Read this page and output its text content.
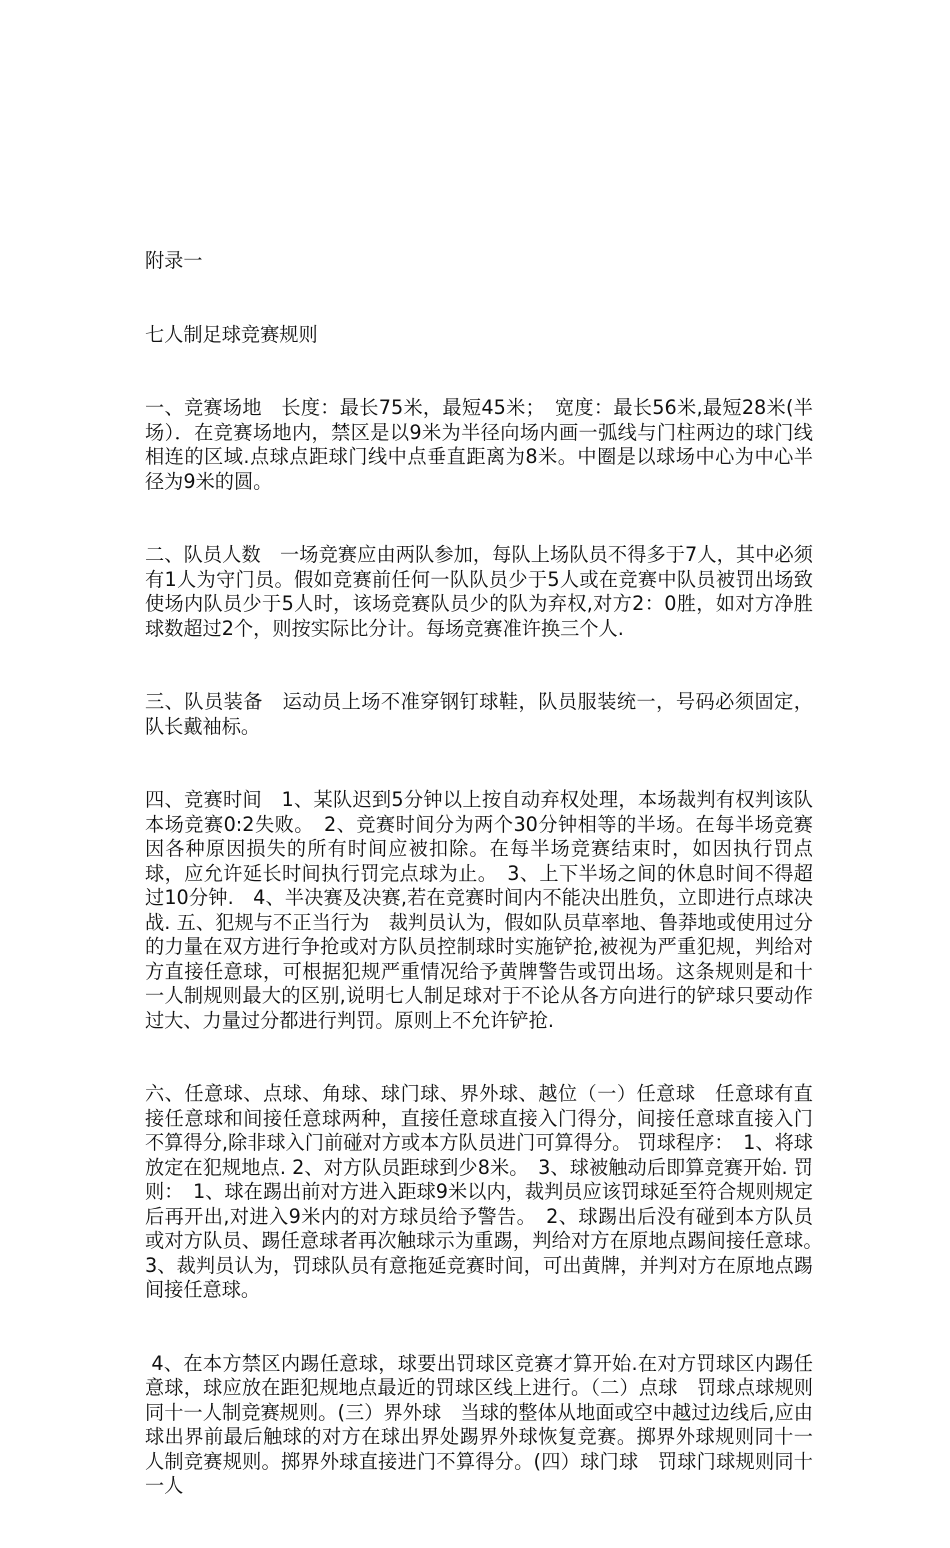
附录一

七人制足球竞赛规则

一、竞赛场地　长度：最长75米，最短45米；　宽度：最长56米,最短28米(半场）．在竞赛场地内，禁区是以9米为半径向场内画一弧线与门柱两边的球门线相连的区域.点球点距球门线中点垂直距离为8米。中圈是以球场中心为中心半径为9米的圆。

二、队员人数　一场竞赛应由两队参加，每队上场队员不得多于7人，其中必须有1人为守门员。假如竞赛前任何一队队员少于5人或在竞赛中队员被罚出场致使场内队员少于5人时，该场竞赛队员少的队为弃权,对方2：0胜，如对方净胜球数超过2个，则按实际比分计。每场竞赛准许换三个人.

三、队员装备　运动员上场不准穿钢钉球鞋，队员服装统一，号码必须固定，队长戴袖标。

四、竞赛时间　1、某队迟到5分钟以上按自动弃权处理，本场裁判有权判该队本场竞赛0:2失败。　2、竞赛时间分为两个30分钟相等的半场。在每半场竞赛因各种原因损失的所有时间应被扣除。在每半场竞赛结束时，如因执行罚点球，应允许延长时间执行罚完点球为止。　3、上下半场之间的休息时间不得超过10分钟.　4、半决赛及决赛,若在竞赛时间内不能决出胜负，立即进行点球决战. 五、犯规与不正当行为　裁判员认为，假如队员草率地、鲁莽地或使用过分的力量在双方进行争抢或对方队员控制球时实施铲抢,被视为严重犯规，判给对方直接任意球，可根据犯规严重情况给予黄牌警告或罚出场。这条规则是和十一人制规则最大的区别,说明七人制足球对于不论从各方向进行的铲球只要动作过大、力量过分都进行判罚。原则上不允许铲抢.

六、任意球、点球、角球、球门球、界外球、越位（一）任意球　任意球有直接任意球和间接任意球两种，直接任意球直接入门得分，间接任意球直接入门不算得分,除非球入门前碰对方或本方队员进门可算得分。 罚球程序：　1、将球放定在犯规地点. 2、对方队员距球到少8米。　3、球被触动后即算竞赛开始. 罚则：　1、球在踢出前对方进入距球9米以内，裁判员应该罚球延至符合规则规定后再开出,对进入9米内的对方球员给予警告。　2、球踢出后没有碰到本方队员或对方队员、踢任意球者再次触球示为重踢，判给对方在原地点踢间接任意球。　3、裁判员认为，罚球队员有意拖延竞赛时间，可出黄牌，并判对方在原地点踢间接任意球。

4、在本方禁区内踢任意球，球要出罚球区竞赛才算开始.在对方罚球区内踢任意球，球应放在距犯规地点最近的罚球区线上进行。（二）点球　罚球点球规则同十一人制竞赛规则。(三）界外球　当球的整体从地面或空中越过边线后,应由球出界前最后触球的对方在球出界处踢界外球恢复竞赛。掷界外球规则同十一人制竞赛规则。掷界外球直接进门不算得分。(四）球门球　罚球门球规则同十一人
